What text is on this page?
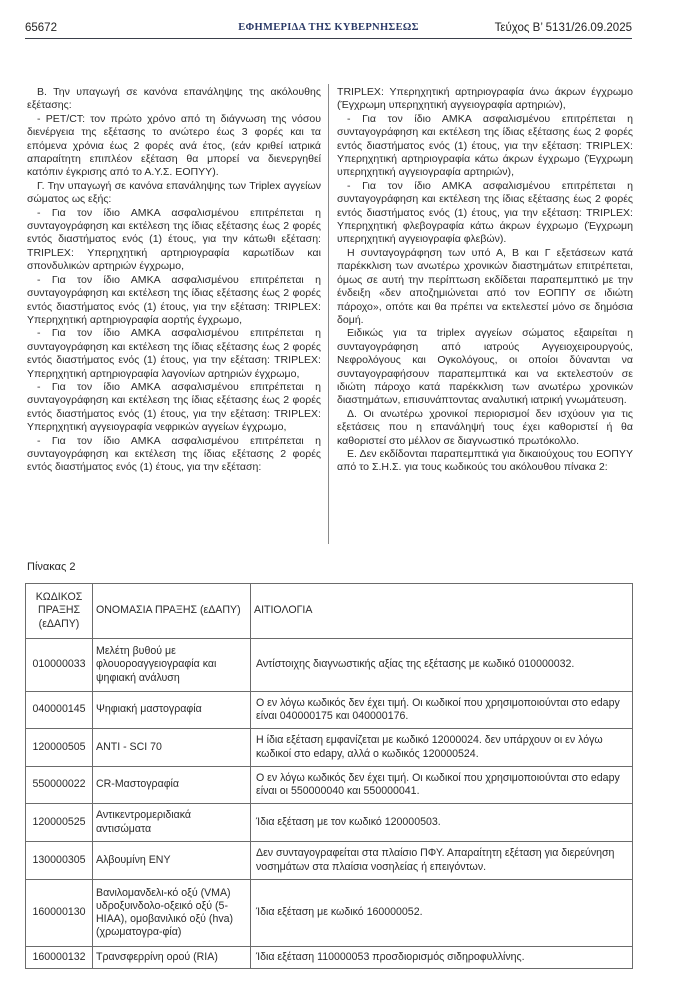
65672	ΕΦΗΜΕΡΙΔΑ ΤΗΣ ΚΥΒΕΡΝΗΣΕΩΣ	Τεύχος Β’ 5131/26.09.2025

Β. Την υπαγωγή σε κανόνα επανάληψης της ακόλουθης εξέτασης:

- PET/CT: τον πρώτο χρόνο από τη διάγνωση της νόσου διενέργεια της εξέτασης το ανώτερο έως 3 φορές και τα επόμενα χρόνια έως 2 φορές ανά έτος, (εάν κριθεί ιατρικά απαραίτητη επιπλέον εξέταση θα μπορεί να διενεργηθεί κατόπιν έγκρισης από το Α.Υ.Σ. ΕΟΠΥΥ).

Γ. Την υπαγωγή σε κανόνα επανάληψης των Triplex αγγείων σώματος ως εξής:

- Για τον ίδιο ΑΜΚΑ ασφαλισμένου επιτρέπεται η συνταγογράφηση και εκτέλεση της ίδιας εξέτασης έως 2 φορές εντός διαστήματος ενός (1) έτους, για την κάτωθι εξέταση: TRIPLEX: Υπερηχητική αρτηριογραφία καρωτίδων και σπονδυλικών αρτηριών έγχρωμο,

- Για τον ίδιο ΑΜΚΑ ασφαλισμένου επιτρέπεται η συνταγογράφηση και εκτέλεση της ίδιας εξέτασης έως 2 φορές εντός διαστήματος ενός (1) έτους, για την εξέταση: TRIPLEX: Υπερηχητική αρτηριογραφία αορτής έγχρωμο,

- Για τον ίδιο ΑΜΚΑ ασφαλισμένου επιτρέπεται η συνταγογράφηση και εκτέλεση της ίδιας εξέτασης έως 2 φορές εντός διαστήματος ενός (1) έτους, για την εξέταση: TRIPLEX: Υπερηχητική αρτηριογραφία λαγονίων αρτηριών έγχρωμο,

- Για τον ίδιο ΑΜΚΑ ασφαλισμένου επιτρέπεται η συνταγογράφηση και εκτέλεση της ίδιας εξέτασης έως 2 φορές εντός διαστήματος ενός (1) έτους, για την εξέταση: TRIPLEX: Υπερηχητική αγγειογραφία νεφρικών αγγείων έγχρωμο,

- Για τον ίδιο ΑΜΚΑ ασφαλισμένου επιτρέπεται η συνταγογράφηση και εκτέλεση της ίδιας εξέτασης 2 φορές εντός διαστήματος ενός (1) έτους, για την εξέταση:

TRIPLEX: Υπερηχητική αρτηριογραφία άνω άκρων έγχρωμο (Έγχρωμη υπερηχητική αγγειογραφία αρτηριών),

- Για τον ίδιο ΑΜΚΑ ασφαλισμένου επιτρέπεται η συνταγογράφηση και εκτέλεση της ίδιας εξέτασης έως 2 φορές εντός διαστήματος ενός (1) έτους, για την εξέταση: TRIPLEX: Υπερηχητική αρτηριογραφία κάτω άκρων έγχρωμο (Έγχρωμη υπερηχητική αγγειογραφία αρτηριών),

- Για τον ίδιο ΑΜΚΑ ασφαλισμένου επιτρέπεται η συνταγογράφηση και εκτέλεση της ίδιας εξέτασης έως 2 φορές εντός διαστήματος ενός (1) έτους, για την εξέταση: TRIPLEX: Υπερηχητική φλεβογραφία κάτω άκρων έγχρωμο (Έγχρωμη υπερηχητική αγγειογραφία φλεβών).

Η συνταγογράφηση των υπό Α, Β και Γ εξετάσεων κατά παρέκκλιση των ανωτέρω χρονικών διαστημάτων επιτρέπεται, όμως σε αυτή την περίπτωση εκδίδεται παραπεμπτικό με την ένδειξη «δεν αποζημιώνεται από τον ΕΟΠΠΥ σε ιδιώτη πάροχο», οπότε και θα πρέπει να εκτελεστεί μόνο σε δημόσια δομή.

Ειδικώς για τα triplex αγγείων σώματος εξαιρείται η συνταγογράφηση από ιατρούς Αγγειοχειρουργούς, Νεφρολόγους και Ογκολόγους, οι οποίοι δύνανται να συνταγογραφήσουν παραπεμπτικά και να εκτελεστούν σε ιδιώτη πάροχο κατά παρέκκλιση των ανωτέρω χρονικών διαστημάτων, επισυνάπτοντας αναλυτική ιατρική γνωμάτευση.

Δ. Οι ανωτέρω χρονικοί περιορισμοί δεν ισχύουν για τις εξετάσεις που η επανάληψή τους έχει καθοριστεί ή θα καθοριστεί στο μέλλον σε διαγνωστικό πρωτόκολλο.

Ε. Δεν εκδίδονται παραπεμπτικά για δικαιούχους του ΕΟΠΥΥ από το Σ.Η.Σ. για τους κωδικούς του ακόλουθου πίνακα 2:

Πίνακας 2
ΚΩΔΙΚΟΣ ΠΡΑΞΗΣ (εΔΑΠΥ)	ΟΝΟΜΑΣΙΑ ΠΡΑΞΗΣ (εΔΑΠΥ)	ΑΙΤΙΟΛΟΓΙΑ
010000033	Μελέτη βυθού με φλουοροαγγειογραφία και ψηφιακή ανάλυση	Αντίστοιχης διαγνωστικής αξίας της εξέτασης με κωδικό 010000032.
040000145	Ψηφιακή μαστογραφία	Ο εν λόγω κωδικός δεν έχει τιμή. Οι κωδικοί που χρησιμοποιούνται στο edapy είναι 040000175 και 040000176.
120000505	ANTI - SCI 70	Η ίδια εξέταση εμφανίζεται με κωδικό 12000024. δεν υπάρχουν οι εν λόγω κωδικοί στο edapy, αλλά ο κωδικός 120000524.
550000022	CR-Μαστογραφία	Ο εν λόγω κωδικός δεν έχει τιμή. Οι κωδικοί που χρησιμοποιούνται στο edapy είναι οι 550000040 και 550000041.
120000525	Αντικεντρομεριδιακά αντισώματα	Ίδια εξέταση με τον κωδικό 120000503.
130000305	Αλβουμίνη ΕΝΥ	Δεν συνταγογραφείται στα πλαίσιο ΠΦΥ. Απαραίτητη εξέταση για διερεύνηση νοσημάτων στα πλαίσια νοσηλείας ή επειγόντων.
160000130	Βανιλομανδελι-κό οξύ (VMA) υδροξυινδολο-οξεικό οξύ (5- HIAA), ομοβανιλικό οξύ (hva) (χρωματογρα-φία)	Ίδια εξέταση με κωδικό 160000052.
160000132	Τρανσφερρίνη ορού (RIA)	Ίδια εξέταση 110000053 προσδιορισμός σιδηροφυλλίνης.
